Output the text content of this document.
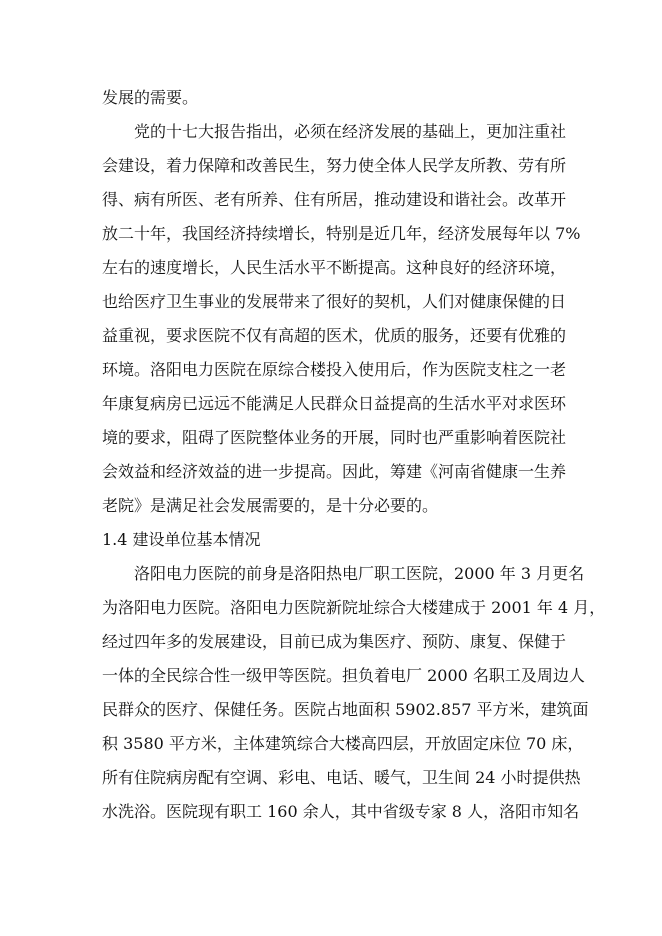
发展的需要。
党的十七大报告指出，必须在经济发展的基础上，更加注重社
会建设，着力保障和改善民生，努力使全体人民学友所教、劳有所
得、病有所医、老有所养、住有所居，推动建设和谐社会。改革开
放二十年，我国经济持续增长，特别是近几年，经济发展每年以 7%
左右的速度增长，人民生活水平不断提高。这种良好的经济环境，
也给医疗卫生事业的发展带来了很好的契机，人们对健康保健的日
益重视，要求医院不仅有高超的医术，优质的服务，还要有优雅的
环境。洛阳电力医院在原综合楼投入使用后，作为医院支柱之一老
年康复病房已远远不能满足人民群众日益提高的生活水平对求医环
境的要求，阻碍了医院整体业务的开展，同时也严重影响着医院社
会效益和经济效益的进一步提高。因此，筹建《河南省健康一生养
老院》是满足社会发展需要的，是十分必要的。
1.4 建设单位基本情况
洛阳电力医院的前身是洛阳热电厂职工医院，2000 年 3 月更名
为洛阳电力医院。洛阳电力医院新院址综合大楼建成于 2001 年 4 月，
经过四年多的发展建设，目前已成为集医疗、预防、康复、保健于
一体的全民综合性一级甲等医院。担负着电厂 2000 名职工及周边人
民群众的医疗、保健任务。医院占地面积 5902.857 平方米，建筑面
积 3580 平方米，主体建筑综合大楼高四层，开放固定床位 70 床，
所有住院病房配有空调、彩电、电话、暖气，卫生间 24 小时提供热
水洗浴。医院现有职工 160 余人，其中省级专家 8 人，洛阳市知名
